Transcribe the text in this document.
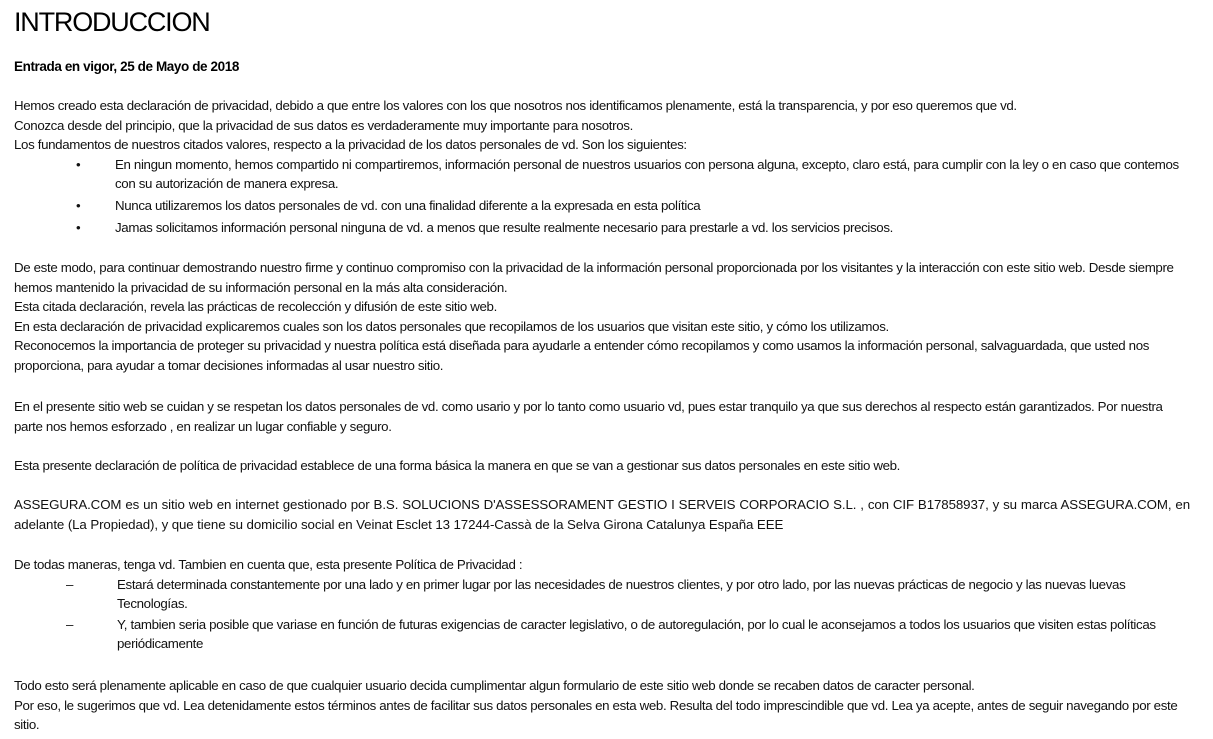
INTRODUCCION

Entrada en vigor, 25 de Mayo de 2018

Hemos creado esta declaración de privacidad, debido a que entre los valores con los que nosotros nos identificamos plenamente, está la transparencia, y por eso queremos que vd.

Conozca desde del principio, que la privacidad de sus datos es verdaderamente muy importante para nosotros.

Los fundamentos de nuestros citados valores, respecto a la privacidad de los datos personales de vd. Son los siguientes:

•	En ningun momento, hemos compartido ni compartiremos, información personal de nuestros usuarios con persona alguna, excepto, claro está, para cumplir con la ley o en caso que contemos con su autorización de manera expresa.
•	Nunca utilizaremos los datos personales de vd. con una finalidad diferente a la expresada en esta política
•	Jamas solicitamos información personal ninguna de vd. a menos que resulte realmente necesario para prestarle a vd. los servicios precisos.

De este modo, para continuar demostrando nuestro firme y continuo compromiso con la privacidad de la información personal proporcionada por los visitantes y la interacción con este sitio web. Desde siempre hemos mantenido la privacidad de su información personal en la más alta consideración.

Esta citada declaración, revela las prácticas de recolección y difusión de este sitio web.

En esta declaración de privacidad explicaremos cuales son los datos personales que recopilamos de los usuarios que visitan este sitio, y cómo los utilizamos.

Reconocemos la importancia de proteger su privacidad y nuestra política está diseñada para ayudarle a entender cómo recopilamos y como usamos la información personal, salvaguardada, que usted nos proporciona, para ayudar a tomar decisiones informadas al usar nuestro sitio.

En el presente sitio web se cuidan y se respetan los datos personales de vd. como usario y por lo tanto como usuario vd, pues estar tranquilo ya que sus derechos al respecto están garantizados. Por nuestra parte nos hemos esforzado , en realizar un lugar confiable y seguro.

Esta presente declaración de política de privacidad establece de una forma básica la manera en que se van a gestionar sus datos personales en este sitio web.

ASSEGURA.COM es un sitio web en internet gestionado por B.S. SOLUCIONS D'ASSESSORAMENT GESTIO I SERVEIS CORPORACIO S.L. , con CIF B17858937, y su marca ASSEGURA.COM, en adelante (La Propiedad), y que tiene su domicilio social en Veinat Esclet 13 17244-Cassà de la Selva Girona Catalunya España EEE

De todas maneras, tenga vd. Tambien en cuenta que, esta presente Política de Privacidad :

–	Estará determinada constantemente por una lado y en primer lugar por las necesidades de nuestros clientes, y por otro lado, por las nuevas prácticas de negocio y las nuevas luevas Tecnologías.
–	Y, tambien seria posible que variase en función de futuras exigencias de caracter legislativo, o de autoregulación, por lo cual le aconsejamos a todos los usuarios que visiten estas políticas periódicamente

Todo esto será plenamente aplicable en caso de que cualquier usuario decida cumplimentar algun formulario de este sitio web donde se recaben datos de caracter personal.

Por eso, le sugerimos que vd. Lea detenidamente estos términos antes de facilitar sus datos personales en esta web. Resulta del todo imprescindible que vd. Lea ya acepte, antes de seguir navegando por este sitio.
